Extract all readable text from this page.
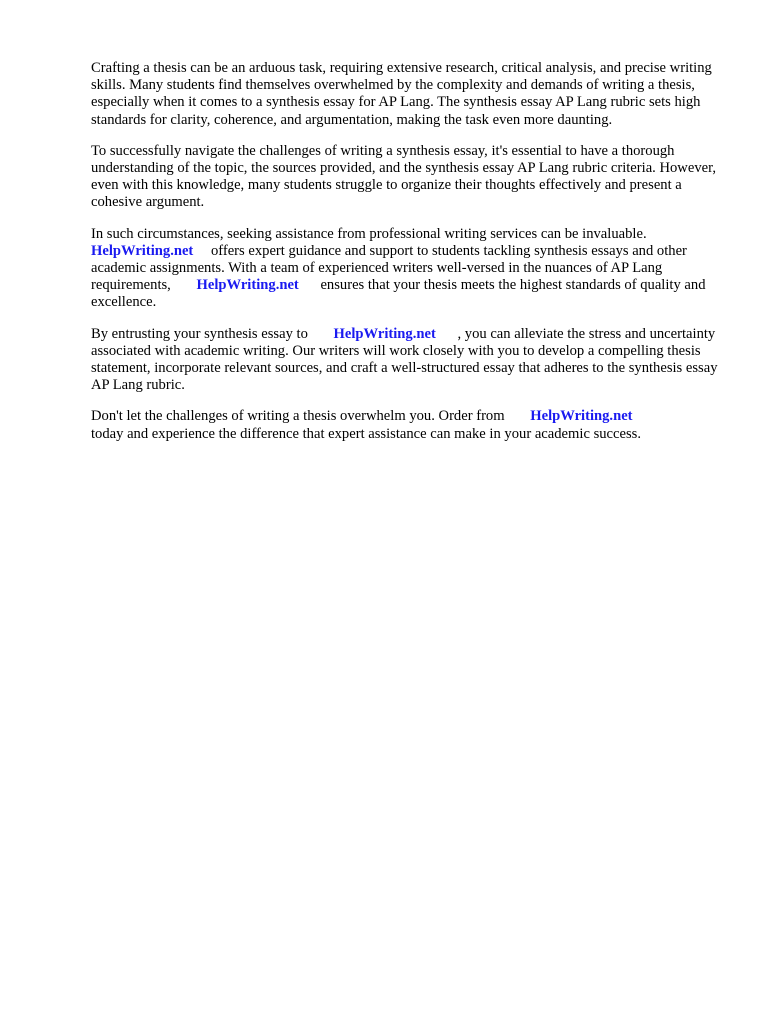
Crafting a thesis can be an arduous task, requiring extensive research, critical analysis, and precise writing skills. Many students find themselves overwhelmed by the complexity and demands of writing a thesis, especially when it comes to a synthesis essay for AP Lang. The synthesis essay AP Lang rubric sets high standards for clarity, coherence, and argumentation, making the task even more daunting.

To successfully navigate the challenges of writing a synthesis essay, it's essential to have a thorough understanding of the topic, the sources provided, and the synthesis essay AP Lang rubric criteria. However, even with this knowledge, many students struggle to organize their thoughts effectively and present a cohesive argument.

In such circumstances, seeking assistance from professional writing services can be invaluable.
HelpWriting.net offers expert guidance and support to students tackling synthesis essays and other academic assignments. With a team of experienced writers well-versed in the nuances of AP Lang requirements, HelpWriting.net ensures that your thesis meets the highest standards of quality and excellence.

By entrusting your synthesis essay to HelpWriting.net , you can alleviate the stress and uncertainty associated with academic writing. Our writers will work closely with you to develop a compelling thesis statement, incorporate relevant sources, and craft a well-structured essay that adheres to the synthesis essay AP Lang rubric.

Don't let the challenges of writing a thesis overwhelm you. Order from HelpWriting.net
today and experience the difference that expert assistance can make in your academic success.
